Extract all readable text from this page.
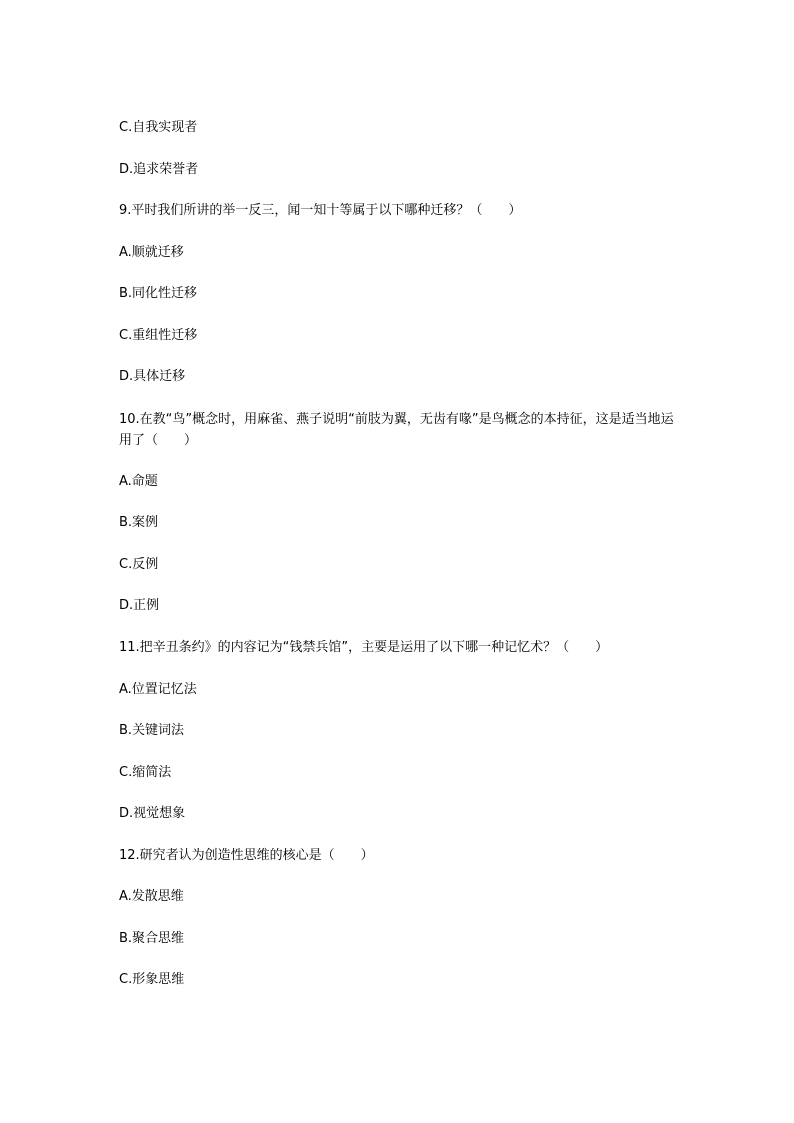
C.自我实现者
D.追求荣誉者
9.平时我们所讲的举一反三，闻一知十等属于以下哪种迁移？（　　）
A.顺就迁移
B.同化性迁移
C.重组性迁移
D.具体迁移
10.在教“鸟”概念时，用麻雀、燕子说明“前肢为翼，无齿有喙”是鸟概念的本持征，这是适当地运用了（　　）
A.命题
B.案例
C.反例
D.正例
11.把辛丑条约》的内容记为“钱禁兵馆”，主要是运用了以下哪一种记忆术？（　　）
A.位置记忆法
B.关键词法
C.缩简法
D.视觉想象
12.研究者认为创造性思维的核心是（　　）
A.发散思维
B.聚合思维
C.形象思维
